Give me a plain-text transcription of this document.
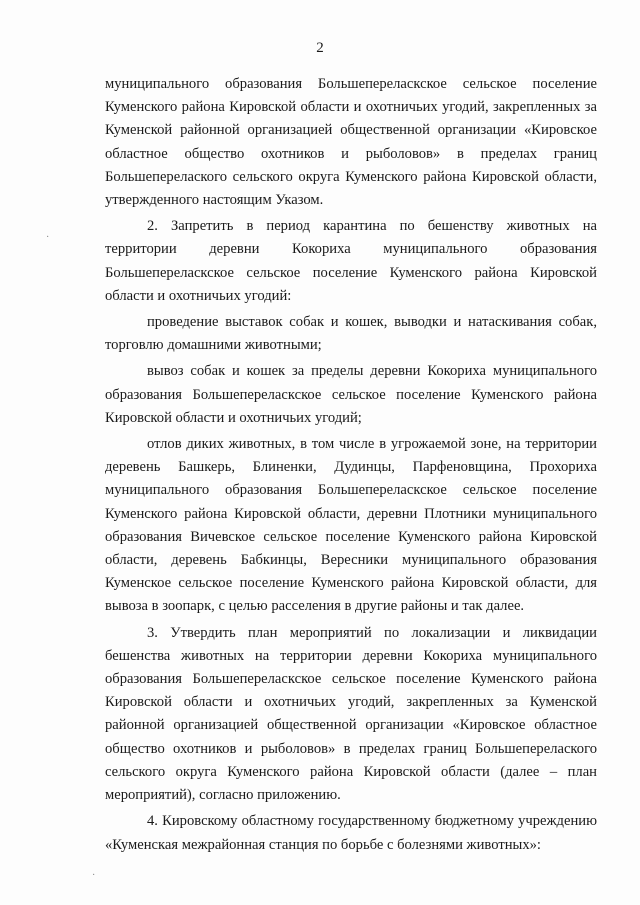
2

муниципального образования Большепереласкское сельское поселение Куменского района Кировской области и охотничьих угодий, закрепленных за Куменской районной организацией общественной организации «Кировское областное общество охотников и рыболовов» в пределах границ Большеперелаского сельского округа Куменского района Кировской области, утвержденного настоящим Указом.

2. Запретить в период карантина по бешенству животных на территории деревни Кокориха муниципального образования Большепереласкское сельское поселение Куменского района Кировской области и охотничьих угодий:

проведение выставок собак и кошек, выводки и натаскивания собак, торговлю домашними животными;

вывоз собак и кошек за пределы деревни Кокориха муниципального образования Большепереласкское сельское поселение Куменского района Кировской области и охотничьих угодий;

отлов диких животных, в том числе в угрожаемой зоне, на территории деревень Башкерь, Блиненки, Дудинцы, Парфеновщина, Прохориха муниципального образования Большепереласкское сельское поселение Куменского района Кировской области, деревни Плотники муниципального образования Вичевское сельское поселение Куменского района Кировской области, деревень Бабкинцы, Вересники муниципального образования Куменское сельское поселение Куменского района Кировской области, для вывоза в зоопарк, с целью расселения в другие районы и так далее.

3. Утвердить план мероприятий по локализации и ликвидации бешенства животных на территории деревни Кокориха муниципального образования Большепереласкское сельское поселение Куменского района Кировской области и охотничьих угодий, закрепленных за Куменской районной организацией общественной организации «Кировское областное общество охотников и рыболовов» в пределах границ Большеперелаского сельского округа Куменского района Кировской области (далее – план мероприятий), согласно приложению.

4. Кировскому областному государственному бюджетному учреждению «Куменская межрайонная станция по борьбе с болезнями животных»:

·
·
